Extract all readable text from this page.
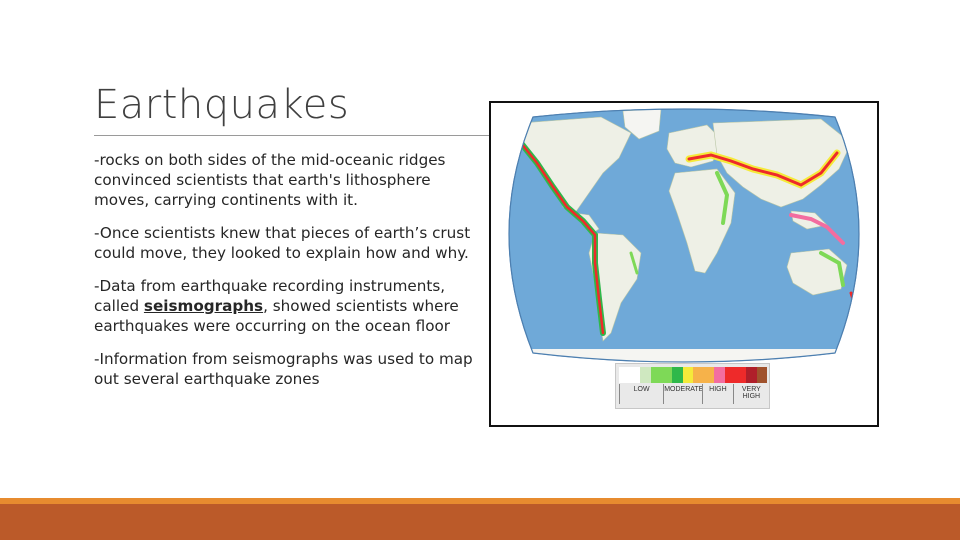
Earthquakes

-rocks on both sides of the mid-oceanic ridges convinced scientists that earth's lithosphere moves, carrying continents with it.

-Once scientists knew that pieces of earth’s crust could move, they looked to explain how and why.

-Data from earthquake recording instruments, called seismographs, showed scientists where earthquakes were occurring on the ocean floor

-Information from seismographs was used to map out several earthquake zones

LOW	MODERATE HIGH	VERY HIGH
